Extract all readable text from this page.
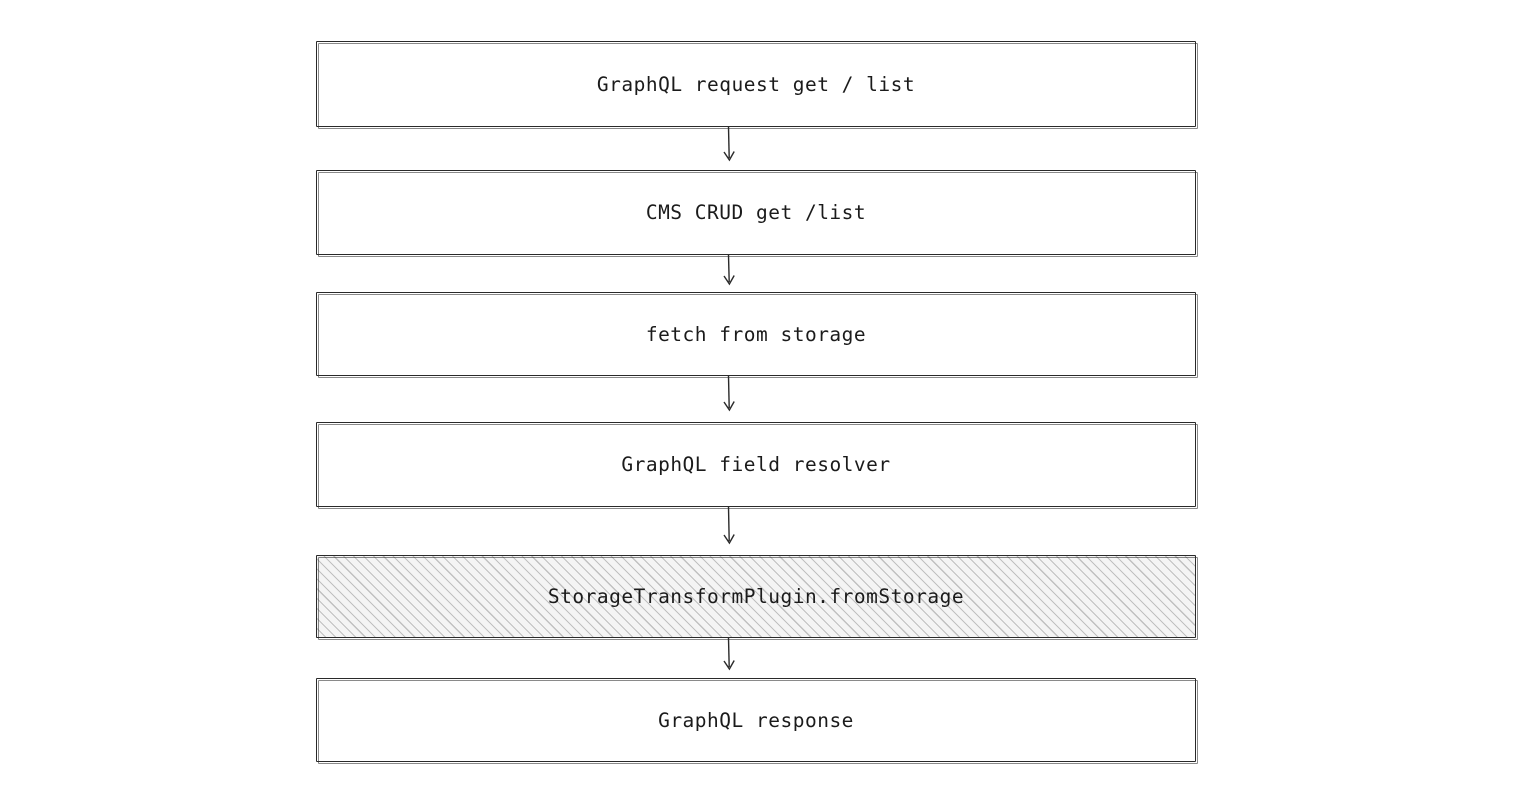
GraphQL request get / list
CMS CRUD get /list
fetch from storage
GraphQL field resolver
StorageTransformPlugin.fromStorage
GraphQL response
